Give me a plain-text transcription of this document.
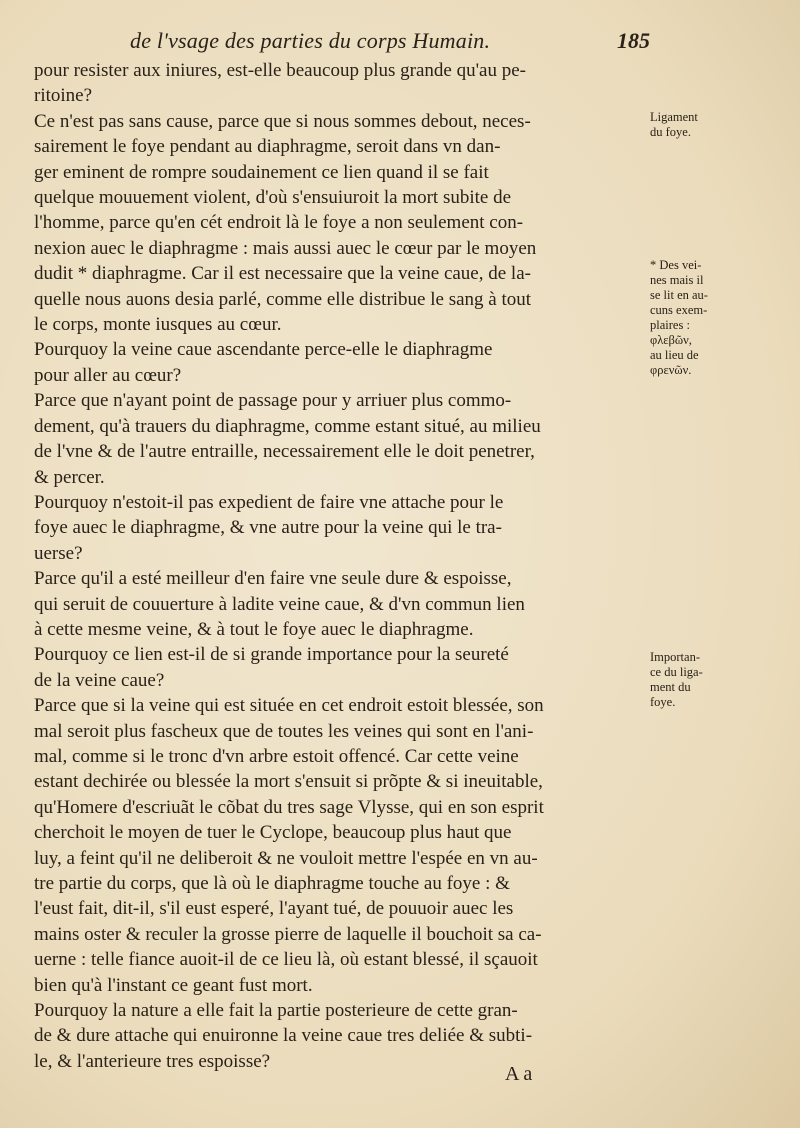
de l'vsage des parties du corps Humain.	185
pour resister aux iniures, est-elle beaucoup plus grande qu'au pe-
ritoine?
Ce n'est pas sans cause, parce que si nous sommes debout, neces-
sairement le foye pendant au diaphragme, seroit dans vn dan-
ger eminent de rompre soudainement ce lien quand il se fait
quelque mouuement violent, d'où s'ensuiuroit la mort subite de
l'homme, parce qu'en cét endroit là le foye a non seulement con-
nexion auec le diaphragme : mais aussi auec le cœur par le moyen
dudit * diaphragme. Car il est necessaire que la veine caue, de la-
quelle nous auons desia parlé, comme elle distribue le sang à tout
le corps, monte iusques au cœur.
Pourquoy la veine caue ascendante perce-elle le diaphragme
pour aller au cœur?
Parce que n'ayant point de passage pour y arriuer plus commo-
dement, qu'à trauers du diaphragme, comme estant situé, au milieu
de l'vne & de l'autre entraille, necessairement elle le doit penetrer,
& percer.
Pourquoy n'estoit-il pas expedient de faire vne attache pour le
foye auec le diaphragme, & vne autre pour la veine qui le tra-
uerse?
Parce qu'il a esté meilleur d'en faire vne seule dure & espoisse,
qui seruit de couuerture à ladite veine caue, & d'vn commun lien
à cette mesme veine, & à tout le foye auec le diaphragme.
Pourquoy ce lien est-il de si grande importance pour la seureté
de la veine caue?
Parce que si la veine qui est située en cet endroit estoit blessée, son
mal seroit plus fascheux que de toutes les veines qui sont en l'ani-
mal, comme si le tronc d'vn arbre estoit offencé. Car cette veine
estant dechirée ou blessée la mort s'ensuit si prõpte & si ineuitable,
qu'Homere d'escriuãt le cõbat du tres sage Vlysse, qui en son esprit
cherchoit le moyen de tuer le Cyclope, beaucoup plus haut que
luy, a feint qu'il ne deliberoit & ne vouloit mettre l'espée en vn au-
tre partie du corps, que là où le diaphragme touche au foye : &
l'eust fait, dit-il, s'il eust esperé, l'ayant tué, de pouuoir auec les
mains oster & reculer la grosse pierre de laquelle il bouchoit sa ca-
uerne : telle fiance auoit-il de ce lieu là, où estant blessé, il sçauoit
bien qu'à l'instant ce geant fust mort.
Pourquoy la nature a elle fait la partie posterieure de cette gran-
de & dure attache qui enuironne la veine caue tres deliée & subti-
le, & l'anterieure tres espoisse?
Ligament
du foye.
* Des vei-
nes mais il
se lit en au-
cuns exem-
plaires :
φλεβῶν,
au lieu de
φρενῶν.
Importan-
ce du liga-
ment du
foye.
A a
